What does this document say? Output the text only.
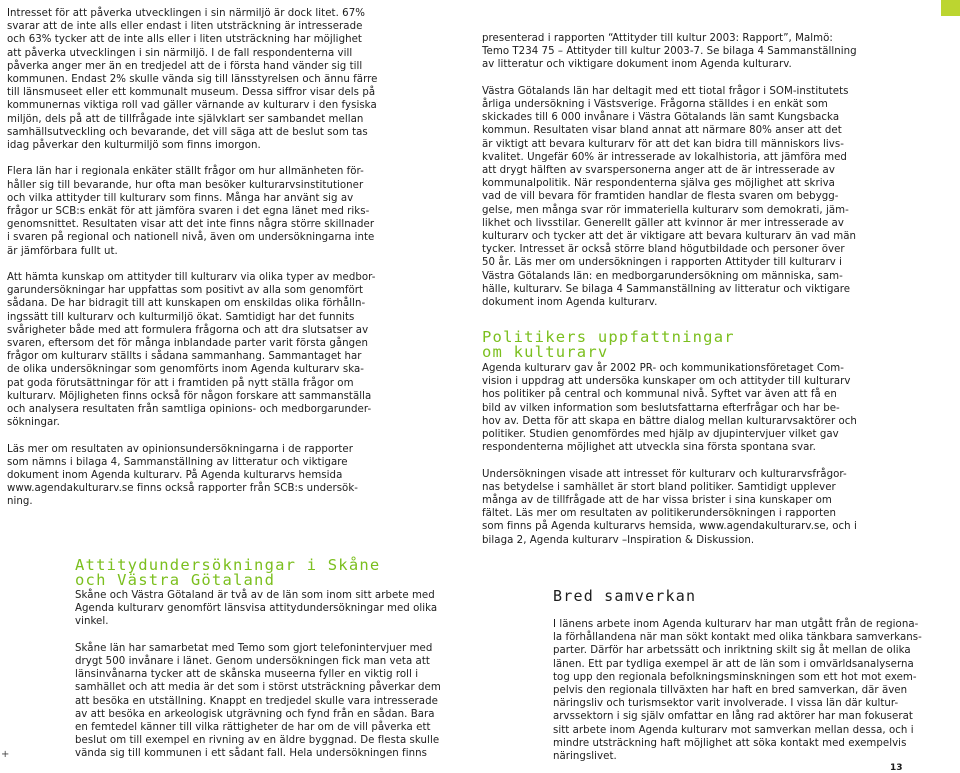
Intresset för att påverka utvecklingen i sin närmiljö är dock litet. 67%
svarar att de inte alls eller endast i liten utsträckning är intresserade
och 63% tycker att de inte alls eller i liten utsträckning har möjlighet
att påverka utvecklingen i sin närmiljö. I de fall respondenterna vill
påverka anger mer än en tredjedel att de i första hand vänder sig till
kommunen. Endast 2% skulle vända sig till länsstyrelsen och ännu färre
till länsmuseet eller ett kommunalt museum. Dessa siffror visar dels på
kommunernas viktiga roll vad gäller värnande av kulturarv i den fysiska
miljön, dels på att de tillfrågade inte självklart ser sambandet mellan
samhällsutveckling och bevarande, det vill säga att de beslut som tas
idag påverkar den kulturmiljö som finns imorgon.
Flera län har i regionala enkäter ställt frågor om hur allmänheten för-
håller sig till bevarande, hur ofta man besöker kulturarvsinstitutioner
och vilka attityder till kulturarv som finns. Många har använt sig av
frågor ur SCB:s enkät för att jämföra svaren i det egna länet med riks-
genomsnittet. Resultaten visar att det inte finns några större skillnader
i svaren på regional och nationell nivå, även om undersökningarna inte
är jämförbara fullt ut.
Att hämta kunskap om attityder till kulturarv via olika typer av medbor-
garundersökningar har uppfattas som positivt av alla som genomfört
sådana. De har bidragit till att kunskapen om enskildas olika förhålln-
ingssätt till kulturarv och kulturmiljö ökat. Samtidigt har det funnits
svårigheter både med att formulera frågorna och att dra slutsatser av
svaren, eftersom det för många inblandade parter varit första gången
frågor om kulturarv ställts i sådana sammanhang. Sammantaget har
de olika undersökningar som genomförts inom Agenda kulturarv ska-
pat goda förutsättningar för att i framtiden på nytt ställa frågor om
kulturarv. Möjligheten finns också för någon forskare att sammanställa
och analysera resultaten från samtliga opinions- och medborgarunder-
sökningar.
Läs mer om resultaten av opinionsundersökningarna i de rapporter
som nämns i bilaga 4, Sammanställning av litteratur och viktigare
dokument inom Agenda kulturarv. På Agenda kulturarvs hemsida
www.agendakulturarv.se finns också rapporter från SCB:s undersök-
ning.
Attitydundersökningar i Skåne
och Västra Götaland
Skåne och Västra Götaland är två av de län som inom sitt arbete med
Agenda kulturarv genomfört länsvisa attitydundersökningar med olika
vinkel.
Skåne län har samarbetat med Temo som gjort telefonintervjuer med
drygt 500 invånare i länet. Genom undersökningen fick man veta att
länsinvånarna tycker att de skånska museerna fyller en viktig roll i
samhället och att media är det som i störst utsträckning påverkar dem
att besöka en utställning. Knappt en tredjedel skulle vara intresserade
av att besöka en arkeologisk utgrävning och fynd från en sådan. Bara
en femtedel känner till vilka rättigheter de har om de vill påverka ett
beslut om till exempel en rivning av en äldre byggnad. De flesta skulle
vända sig till kommunen i ett sådant fall. Hela undersökningen finns
presenterad i rapporten “Attityder till kultur 2003: Rapport”, Malmö:
Temo T234 75 – Attityder till kultur 2003-7. Se bilaga 4 Sammanställning
av litteratur och viktigare dokument inom Agenda kulturarv.
Västra Götalands län har deltagit med ett tiotal frågor i SOM-institutets
årliga undersökning i Västsverige. Frågorna ställdes i en enkät som
skickades till 6 000 invånare i Västra Götalands län samt Kungsbacka
kommun. Resultaten visar bland annat att närmare 80% anser att det
är viktigt att bevara kulturarv för att det kan bidra till människors livs-
kvalitet. Ungefär 60% är intresserade av lokalhistoria, att jämföra med
att drygt hälften av svarspersonerna anger att de är intresserade av
kommunalpolitik. När respondenterna själva ges möjlighet att skriva
vad de vill bevara för framtiden handlar de flesta svaren om bebygg-
gelse, men många svar rör immateriella kulturarv som demokrati, jäm-
likhet och livsstilar. Generellt gäller att kvinnor är mer intresserade av
kulturarv och tycker att det är viktigare att bevara kulturarv än vad män
tycker. Intresset är också större bland högutbildade och personer över
50 år. Läs mer om undersökningen i rapporten Attityder till kulturarv i
Västra Götalands län: en medborgarundersökning om människa, sam-
hälle, kulturarv. Se bilaga 4 Sammanställning av litteratur och viktigare
dokument inom Agenda kulturarv.
Politikers uppfattningar
om kulturarv
Agenda kulturarv gav år 2002 PR- och kommunikationsföretaget Com-
vision i uppdrag att undersöka kunskaper om och attityder till kulturarv
hos politiker på central och kommunal nivå. Syftet var även att få en
bild av vilken information som beslutsfattarna efterfrågar och har be-
hov av. Detta för att skapa en bättre dialog mellan kulturarvsaktörer och
politiker. Studien genomfördes med hjälp av djupintervjuer vilket gav
respondenterna möjlighet att utveckla sina första spontana svar.
Undersökningen visade att intresset för kulturarv och kulturarvsfrågor-
nas betydelse i samhället är stort bland politiker. Samtidigt upplever
många av de tillfrågade att de har vissa brister i sina kunskaper om
fältet. Läs mer om resultaten av politikerundersökningen i rapporten
som finns på Agenda kulturarvs hemsida, www.agendakulturarv.se, och i
bilaga 2, Agenda kulturarv –Inspiration & Diskussion.
Bred samverkan
I länens arbete inom Agenda kulturarv har man utgått från de regiona-
la förhållandena när man sökt kontakt med olika tänkbara samverkans-
parter. Därför har arbetssätt och inriktning skilt sig åt mellan de olika
länen. Ett par tydliga exempel är att de län som i omvärldsanalyserna
tog upp den regionala befolkningsminskningen som ett hot mot exem-
pelvis den regionala tillväxten har haft en bred samverkan, där även
näringsliv och turismsektor varit involverade. I vissa län där kultur-
arvssektorn i sig själv omfattar en lång rad aktörer har man fokuserat
sitt arbete inom Agenda kulturarv mot samverkan mellan dessa, och i
mindre utsträckning haft möjlighet att söka kontakt med exempelvis
näringslivet.
+
13
